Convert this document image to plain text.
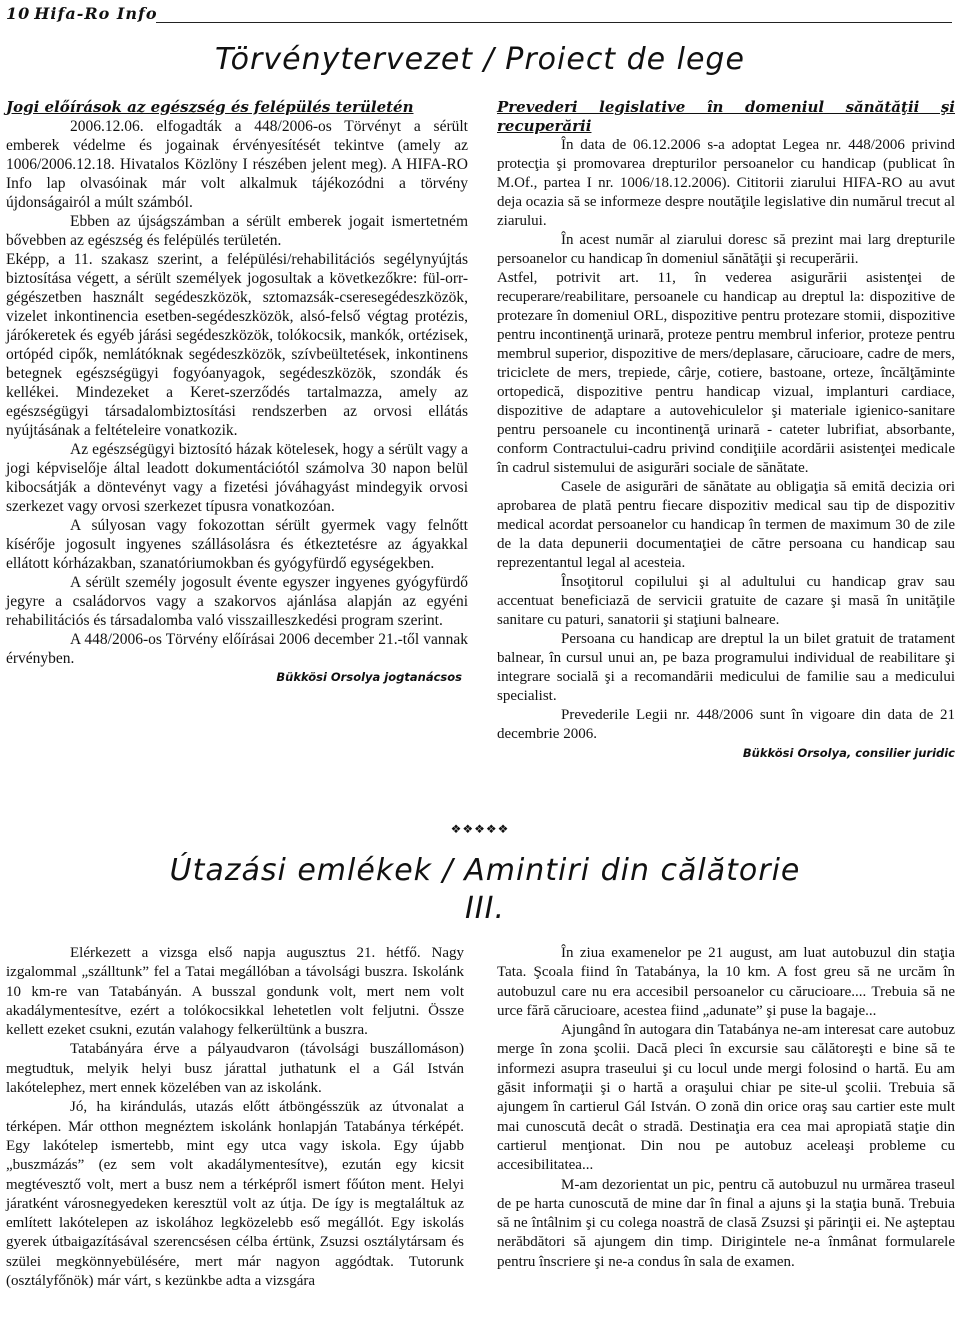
10 Hifa-Ro Info
Törvénytervezet / Proiect de lege

Jogi előírások az egészség és felépülés területén

2006.12.06. elfogadták a 448/2006-os Törvényt a sérült emberek védelme és jogainak érvényesítését tekintve (amely az 1006/2006.12.18. Hivatalos Közlöny I részében jelent meg). A HIFA-RO Info lap olvasóinak már volt alkalmuk tájékozódni a törvény újdonságairól a múlt számból.

Ebben az újságszámban a sérült emberek jogait ismertetném bővebben az egészség és felépülés területén.

Eképp, a 11. szakasz szerint, a felépülési/rehabilitációs segélynyújtás biztosítása végett, a sérült személyek jogosultak a következőkre: fül-orr-gégészetben használt segédeszközök, sztomazsák-cseresegédeszközök, vizelet inkontinencia esetben-segédeszközök, alsó-felső végtag protézis, járókeretek és egyéb járási segédeszközök, tolókocsik, mankók, ortézisek, ortópéd cipők, nemlátóknak segédeszközök, szívbeültetések, inkontinens betegnek egészségügyi fogyóanyagok, segédeszközök, szondák és kellékei. Mindezeket a Keret-szerződés tartalmazza, amely az egészségügyi társadalombiztosítási rendszerben az orvosi ellátás nyújtásának a feltételeire vonatkozik.

Az egészségügyi biztosító házak kötelesek, hogy a sérült vagy a jogi képviselője által leadott dokumentációtól számolva 30 napon belül kibocsátják a döntevényt vagy a fizetési jóváhagyást mindegyik orvosi szerkezet vagy orvosi szerkezet típusra vonatkozóan.

A súlyosan vagy fokozottan sérült gyermek vagy felnőtt kísérője jogosult ingyenes szállásolásra és étkeztetésre az ágyakkal ellátott kórházakban, szanatóriumokban és gyógyfürdő egységekben.

A sérült személy jogosult évente egyszer ingyenes gyógyfürdő jegyre a családorvos vagy a szakorvos ajánlása alapján az egyéni rehabilitációs és társadalomba való visszailleszkedési program szerint.

A 448/2006-os Törvény előírásai 2006 december 21.-től vannak érvényben.

Bükkösi Orsolya jogtanácsos

Prevederi legislative în domeniul sănătăţii şi recuperării

În data de 06.12.2006 s-a adoptat Legea nr. 448/2006 privind protecţia şi promovarea drepturilor persoanelor cu handicap (publicat în M.Of., partea I nr. 1006/18.12.2006). Cititorii ziarului HIFA-RO au avut deja ocazia să se informeze despre noutăţile legislative din numărul trecut al ziarului.

În acest număr al ziarului doresc să prezint mai larg drepturile persoanelor cu handicap în domeniul sănătăţii şi recuperării.

Astfel, potrivit art. 11, în vederea asigurării asistenţei de recuperare/reabilitare, persoanele cu handicap au dreptul la: dispozitive de protezare în domeniul ORL, dispozitive pentru protezare stomii, dispozitive pentru incontinenţă urinară, proteze pentru membrul inferior, proteze pentru membrul superior, dispozitive de mers/deplasare, cărucioare, cadre de mers, triciclete de mers, trepiede, cârje, cotiere, bastoane, orteze, încălţăminte ortopedică, dispozitive pentru handicap vizual, implanturi cardiace, dispozitive de adaptare a autovehiculelor şi materiale igienico-sanitare pentru persoanele cu incontinenţă urinară - cateter lubrifiat, absorbante, conform Contractului-cadru privind condiţiile acordării asistenţei medicale în cadrul sistemului de asigurări sociale de sănătate.

Casele de asigurări de sănătate au obligaţia să emită decizia ori aprobarea de plată pentru fiecare dispozitiv medical sau tip de dispozitiv medical acordat persoanelor cu handicap în termen de maximum 30 de zile de la data depunerii documentaţiei de către persoana cu handicap sau reprezentantul legal al acesteia.

Însoţitorul copilului şi al adultului cu handicap grav sau accentuat beneficiază de servicii gratuite de cazare şi masă în unităţile sanitare cu paturi, sanatorii şi staţiuni balneare.

Persoana cu handicap are dreptul la un bilet gratuit de tratament balnear, în cursul unui an, pe baza programului individual de reabilitare şi integrare socială şi a recomandării medicului de familie sau a medicului specialist.

Prevederile Legii nr. 448/2006 sunt în vigoare din data de 21 decembrie 2006.

Bükkösi Orsolya, consilier juridic

❖❖❖❖❖
Útazási emlékek / Amintiri din călătorie
III.

Elérkezett a vizsga első napja augusztus 21. hétfő. Nagy izgalommal „szálltunk” fel a Tatai megállóban a távolsági buszra. Iskolánk 10 km-re van Tatabányán. A busszal gondunk volt, mert nem volt akadálymentesítve, ezért a tolókocsikkal lehetetlen volt feljutni. Össze kellett ezeket csukni, ezután valahogy felkerültünk a buszra.

Tatabányára érve a pályaudvaron (távolsági buszállomáson) megtudtuk, melyik helyi busz járattal juthatunk el a Gál István lakótelephez, mert ennek közelében van az iskolánk.

Jó, ha kirándulás, utazás előtt átböngésszük az útvonalat a térképen. Már otthon megnéztem iskolánk honlapján Tatabánya térképét. Egy lakótelep ismertebb, mint egy utca vagy iskola. Egy újabb „buszmázás” (ez sem volt akadálymentesítve), ezután egy kicsit megtévesztő volt, mert a busz nem a térképről ismert főúton ment. Helyi járatként városnegyedeken keresztül volt az útja. De így is megtaláltuk az említett lakótelepen az iskolához legközelebb eső megállót. Egy iskolás gyerek útbaigazításával szerencsésen célba értünk, Zsuzsi osztálytársam és szülei megkönnyebülésére, mert már nagyon aggódtak. Tutorunk (osztályfőnök) már várt, s kezünkbe adta a vizsgára

În ziua examenelor pe 21 august, am luat autobuzul din staţia Tata. Şcoala fiind în Tatabánya, la 10 km. A fost greu să ne urcăm în autobuzul care nu era accesibil persoanelor cu cărucioare.... Trebuia să ne urce fără cărucioare, acestea fiind „adunate” şi puse la bagaje...

Ajungând în autogara din Tatabánya ne-am interesat care autobuz merge în zona şcolii. Dacă pleci în excursie sau călătoreşti e bine să te informezi asupra traseului şi cu locul unde mergi folosind o hartă. Eu am găsit informaţii şi o hartă a oraşului chiar pe site-ul şcolii. Trebuia să ajungem în cartierul Gál István. O zonă din orice oraş sau cartier este mult mai cunoscută decât o stradă. Destinaţia era cea mai apropiată staţie din cartierul menţionat. Din nou pe autobuz aceleaşi probleme cu accesibilitatea...

M-am dezorientat un pic, pentru că autobuzul nu urmărea traseul de pe harta cunoscută de mine dar în final a ajuns şi la staţia bună. Trebuia să ne întâlnim şi cu colega noastră de clasă Zsuzsi şi părinţii ei. Ne aşteptau nerăbdători să ajungem din timp. Dirigintele ne-a înmânat formularele pentru înscriere şi ne-a condus în sala de examen.
